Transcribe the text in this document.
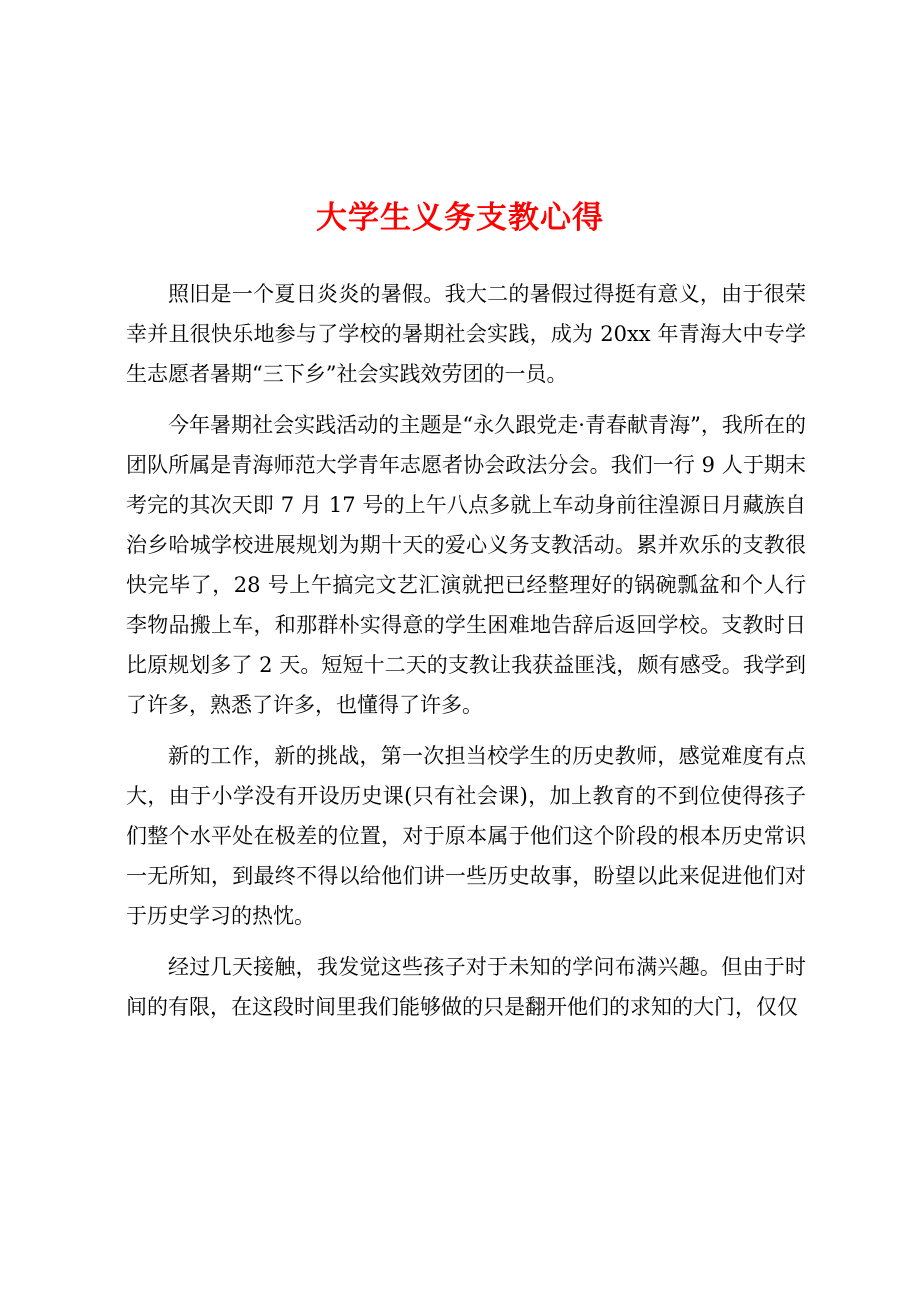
大学生义务支教心得

照旧是一个夏日炎炎的暑假。我大二的暑假过得挺有意义，由于很荣幸并且很快乐地参与了学校的暑期社会实践，成为 20xx 年青海大中专学生志愿者暑期“三下乡”社会实践效劳团的一员。

今年暑期社会实践活动的主题是“永久跟党走·青春献青海”，我所在的团队所属是青海师范大学青年志愿者协会政法分会。我们一行 9 人于期末考完的其次天即 7 月 17 号的上午八点多就上车动身前往湟源日月藏族自治乡哈城学校进展规划为期十天的爱心义务支教活动。累并欢乐的支教很快完毕了，28 号上午搞完文艺汇演就把已经整理好的锅碗瓢盆和个人行李物品搬上车，和那群朴实得意的学生困难地告辞后返回学校。支教时日比原规划多了 2 天。短短十二天的支教让我获益匪浅，颇有感受。我学到了许多，熟悉了许多，也懂得了许多。

新的工作，新的挑战，第一次担当校学生的历史教师，感觉难度有点大，由于小学没有开设历史课(只有社会课)，加上教育的不到位使得孩子们整个水平处在极差的位置，对于原本属于他们这个阶段的根本历史常识一无所知，到最终不得以给他们讲一些历史故事，盼望以此来促进他们对于历史学习的热忱。

经过几天接触，我发觉这些孩子对于未知的学问布满兴趣。但由于时间的有限，在这段时间里我们能够做的只是翻开他们的求知的大门，仅仅
